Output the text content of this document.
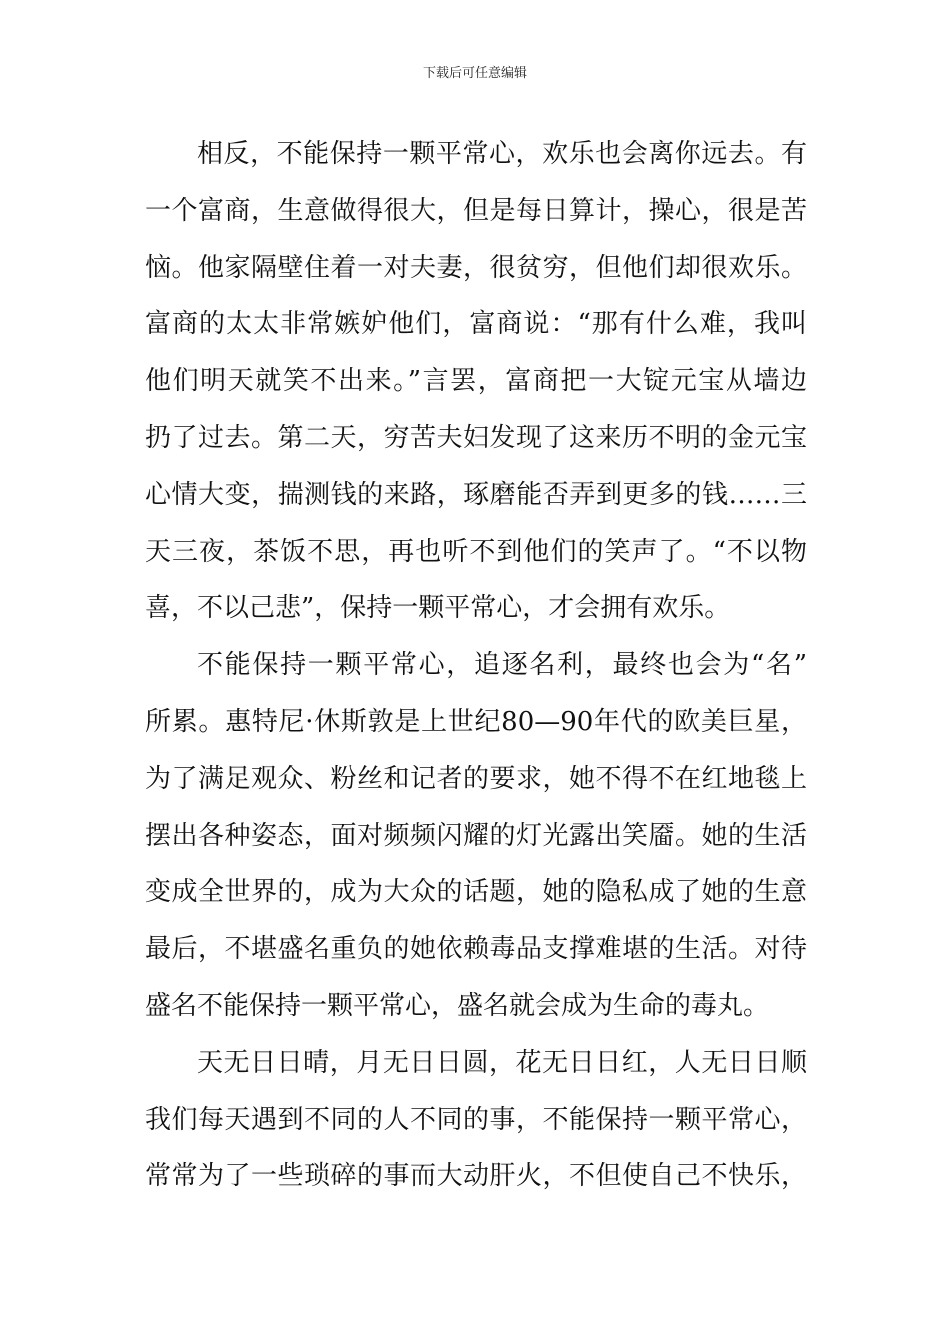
下载后可任意编辑
相反，不能保持一颗平常心，欢乐也会离你远去。有
一个富商，生意做得很大，但是每日算计，操心，很是苦
恼。他家隔壁住着一对夫妻，很贫穷，但他们却很欢乐。
富商的太太非常嫉妒他们，富商说：“那有什么难，我叫
他们明天就笑不出来。”言罢，富商把一大锭元宝从墙边
扔了过去。第二天，穷苦夫妇发现了这来历不明的金元宝
心情大变，揣测钱的来路，琢磨能否弄到更多的钱……三
天三夜，茶饭不思，再也听不到他们的笑声了。“不以物
喜，不以己悲”，保持一颗平常心，才会拥有欢乐。
不能保持一颗平常心，追逐名利，最终也会为“名”
所累。惠特尼·休斯敦是上世纪80—90年代的欧美巨星，
为了满足观众、粉丝和记者的要求，她不得不在红地毯上
摆出各种姿态，面对频频闪耀的灯光露出笑靥。她的生活
变成全世界的，成为大众的话题，她的隐私成了她的生意
最后，不堪盛名重负的她依赖毒品支撑难堪的生活。对待
盛名不能保持一颗平常心，盛名就会成为生命的毒丸。
天无日日晴，月无日日圆，花无日日红，人无日日顺
我们每天遇到不同的人不同的事，不能保持一颗平常心，
常常为了一些琐碎的事而大动肝火，不但使自己不快乐，
